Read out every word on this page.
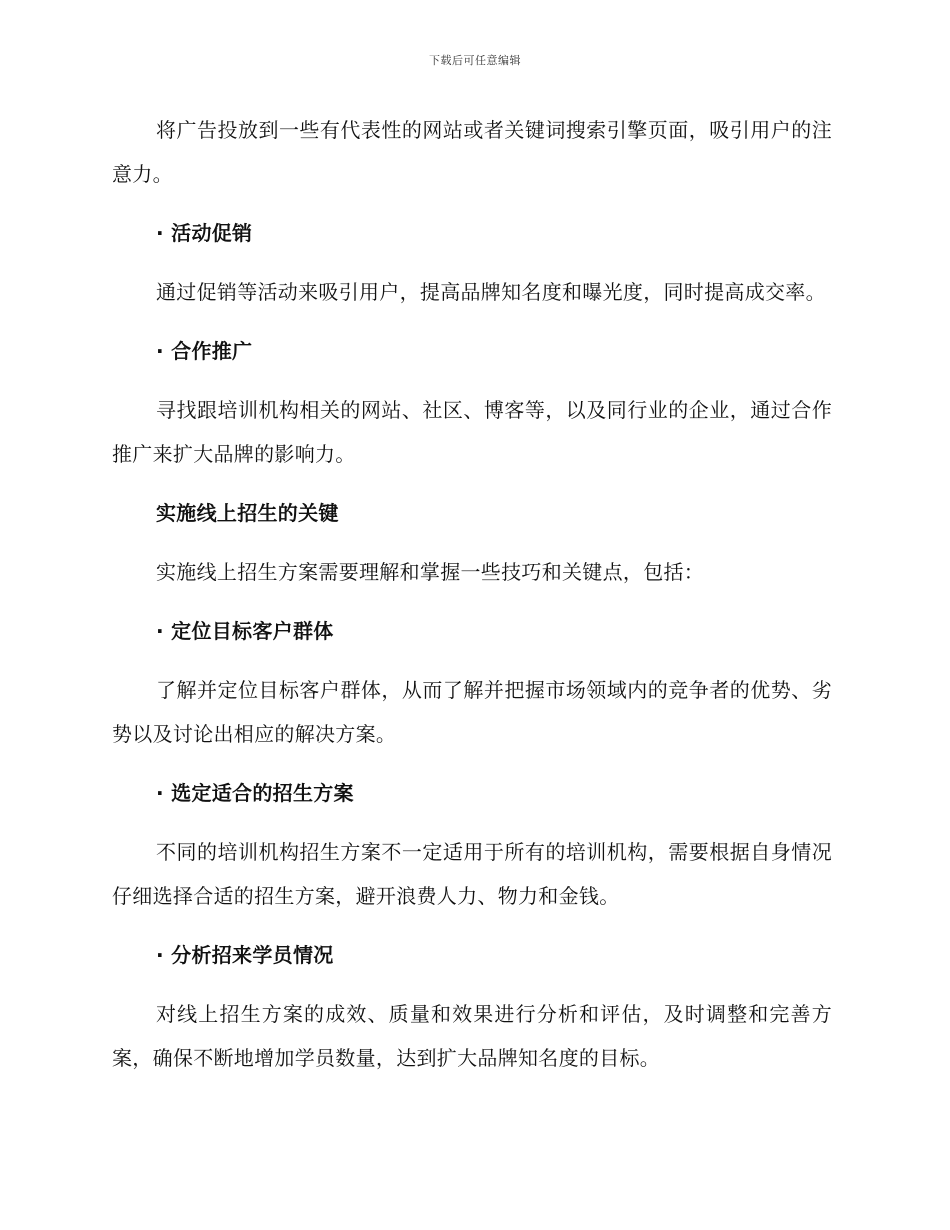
下载后可任意编辑

将广告投放到一些有代表性的网站或者关键词搜索引擎页面，吸引用户的注意力。

· 活动促销

通过促销等活动来吸引用户，提高品牌知名度和曝光度，同时提高成交率。

· 合作推广

寻找跟培训机构相关的网站、社区、博客等，以及同行业的企业，通过合作推广来扩大品牌的影响力。

实施线上招生的关键

实施线上招生方案需要理解和掌握一些技巧和关键点，包括：

· 定位目标客户群体

了解并定位目标客户群体，从而了解并把握市场领域内的竞争者的优势、劣势以及讨论出相应的解决方案。

· 选定适合的招生方案

不同的培训机构招生方案不一定适用于所有的培训机构，需要根据自身情况仔细选择合适的招生方案，避开浪费人力、物力和金钱。

· 分析招来学员情况

对线上招生方案的成效、质量和效果进行分析和评估，及时调整和完善方案，确保不断地增加学员数量，达到扩大品牌知名度的目标。
